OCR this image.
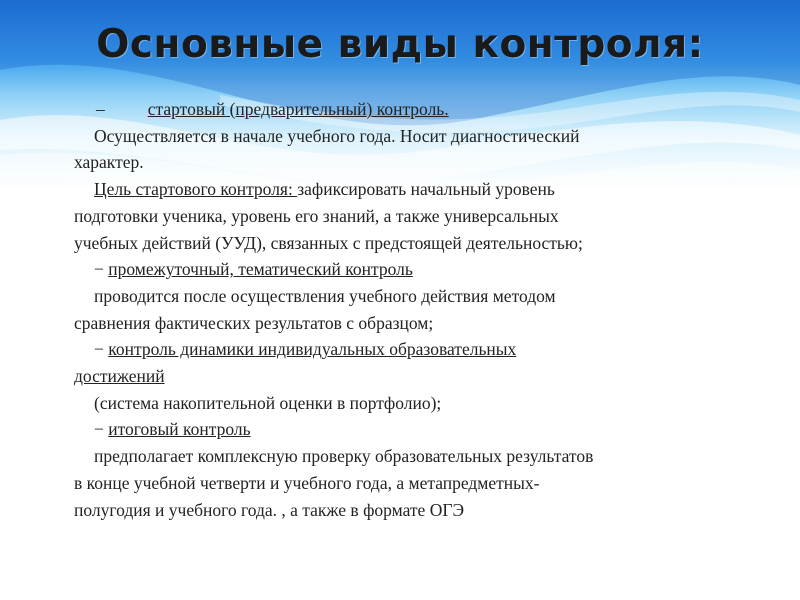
Основные виды контроля:
– стартовый (предварительный) контроль.
Осуществляется в начале учебного года. Носит диагностический
характер.
Цель стартового контроля: зафиксировать начальный уровень
подготовки ученика, уровень его знаний, а также универсальных
учебных действий (УУД), связанных с предстоящей деятельностью;
− промежуточный, тематический контроль
проводится после осуществления учебного действия методом
сравнения фактических результатов с образцом;
− контроль динамики индивидуальных образовательных
достижений
(система накопительной оценки в портфолио);
− итоговый контроль
предполагает комплексную проверку образовательных результатов
в конце учебной четверти и учебного года, а метапредметных-
полугодия и учебного года. , а также в формате ОГЭ
